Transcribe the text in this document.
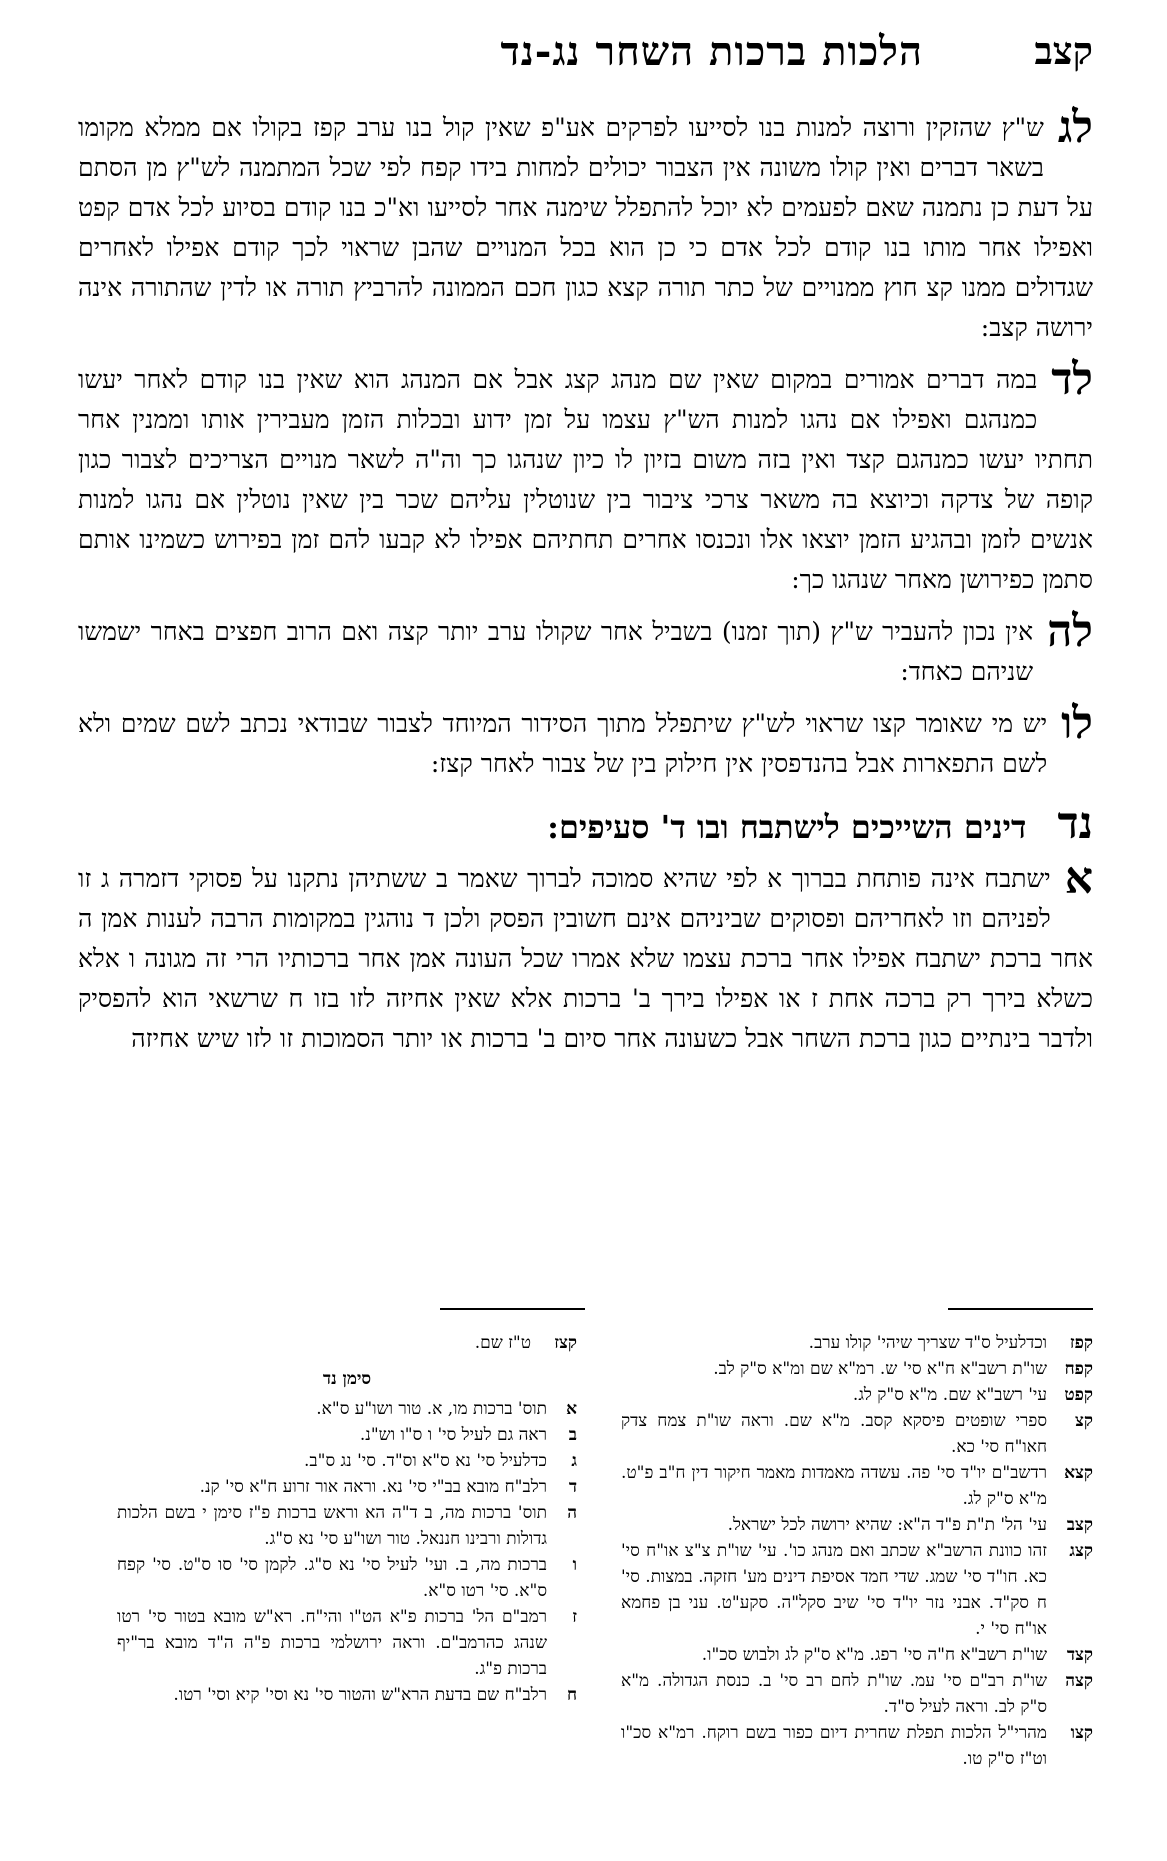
קצב
הלכות ברכות השחר נג-נד

לג
ש"ץ שהזקין ורוצה למנות בנו לסייעו לפרקים אע"פ שאין קול בנו ערב קפז בקולו אם ממלא מקומו בשאר דברים ואין קולו משונה אין הצבור יכולים למחות בידו קפח לפי שכל המתמנה לש"ץ מן הסתם על דעת כן נתמנה שאם לפעמים לא יוכל להתפלל שימנה אחר לסייעו וא"כ בנו קודם בסיוע לכל אדם קפט ואפילו אחר מותו בנו קודם לכל אדם כי כן הוא בכל המנויים שהבן שראוי לכך קודם אפילו לאחרים שגדולים ממנו קצ חוץ ממנויים של כתר תורה קצא כגון חכם הממונה להרביץ תורה או לדין שהתורה אינה ירושה קצב:

לד
במה דברים אמורים במקום שאין שם מנהג קצג אבל אם המנהג הוא שאין בנו קודם לאחר יעשו כמנהגם ואפילו אם נהגו למנות הש"ץ עצמו על זמן ידוע ובכלות הזמן מעבירין אותו וממנין אחר תחתיו יעשו כמנהגם קצד ואין בזה משום בזיון לו כיון שנהגו כך וה"ה לשאר מנויים הצריכים לצבור כגון קופה של צדקה וכיוצא בה משאר צרכי ציבור בין שנוטלין עליהם שכר בין שאין נוטלין אם נהגו למנות אנשים לזמן ובהגיע הזמן יוצאו אלו ונכנסו אחרים תחתיהם אפילו לא קבעו להם זמן בפירוש כשמינו אותם סתמן כפירושן מאחר שנהגו כך:

לה
אין נכון להעביר ש"ץ (תוך זמנו) בשביל אחר שקולו ערב יותר קצה ואם הרוב חפצים באחר ישמשו שניהם כאחד:

לו
יש מי שאומר קצו שראוי לש"ץ שיתפלל מתוך הסידור המיוחד לצבור שבודאי נכתב לשם שמים ולא לשם התפארות אבל בהנדפסין אין חילוק בין של צבור לאחר קצז:

נד דינים השייכים לישתבח ובו ד' סעיפים:

א
ישתבח אינה פותחת בברוך א לפי שהיא סמוכה לברוך שאמר ב ששתיהן נתקנו על פסוקי דזמרה ג זו לפניהם וזו לאחריהם ופסוקים שביניהם אינם חשובין הפסק ולכן ד נוהגין במקומות הרבה לענות אמן ה אחר ברכת ישתבח אפילו אחר ברכת עצמו שלא אמרו שכל העונה אמן אחר ברכותיו הרי זה מגונה ו אלא כשלא בירך רק ברכה אחת ז או אפילו בירך ב' ברכות אלא שאין אחיזה לזו בזו ח שרשאי הוא להפסיק ולדבר בינתיים כגון ברכת השחר אבל כשעונה אחר סיום ב' ברכות או יותר הסמוכות זו לזו שיש אחיזה

קפז
וכדלעיל ס"ד שצריך שיהי' קולו ערב.
קפח
שו"ת רשב"א ח"א סי' ש. רמ"א שם ומ"א ס"ק לב.
קפט
עי' רשב"א שם. מ"א ס"ק לג.
קצ
ספרי שופטים פיסקא קסב. מ"א שם. וראה שו"ת צמח צדק חאו"ח סי' כא.
קצא
רדשב"ם יו"ד סי' פה. עשדה מאמדות מאמר חיקור דין ח"ב פ"ט. מ"א ס"ק לג.
קצב
עי' הל' ת"ת פ"ד ה"א: שהיא ירושה לכל ישראל.
קצג
זהו כוונת הרשב"א שכתב ואם מנהג כו'. עי' שו"ת צ"צ או"ח סי' כא. חו"ד סי' שמג. שדי חמד אסיפת דינים מע' חזקה. במצות. סי' ח סק"ד. אבני נזר יו"ד סי' שיב סקל"ה. סקע"ט. עני בן פחמא או"ח סי' י.
קצד
שו"ת רשב"א ח"ה סי' רפג. מ"א ס"ק לג ולבוש סכ"ו.
קצה
שו"ת רב"ם סי' עמ. שו"ת לחם רב סי' ב. כנסת הגדולה. מ"א ס"ק לב. וראה לעיל ס"ד.
קצו
מהרי"ל הלכות תפלת שחרית דיום כפור בשם רוקח. רמ"א סכ"ו וט"ז ס"ק טו.
קצז
ט"ז שם.
סימן נד
א
תוס' ברכות מו, א. טור ושו"ע ס"א.
ב
ראה גם לעיל סי' ו ס"ו וש"נ.
ג
כדלעיל סי' נא ס"א וס"ד. סי' נג ס"ב.
ד
רלב"ח מובא בב"י סי' נא. וראה אור זרוע ח"א סי' קנ.
ה
תוס' ברכות מה, ב ד"ה הא וראש ברכות פ"ז סימן י בשם הלכות גדולות ורבינו חננאל. טור ושו"ע סי' נא ס"ג.
ו
ברכות מה, ב. ועי' לעיל סי' נא ס"ג. לקמן סי' סו ס"ט. סי' קפח ס"א. סי' רטו ס"א.
ז
רמב"ם הל' ברכות פ"א הט"ו והי"ח. רא"ש מובא בטור סי' רטו שנהג כהרמב"ם. וראה ירושלמי ברכות פ"ה ה"ד מובא בר"יף ברכות פ"ג.
ח
רלב"ח שם בדעת הרא"ש והטור סי' נא וסי' קיא וסי' רטו.
